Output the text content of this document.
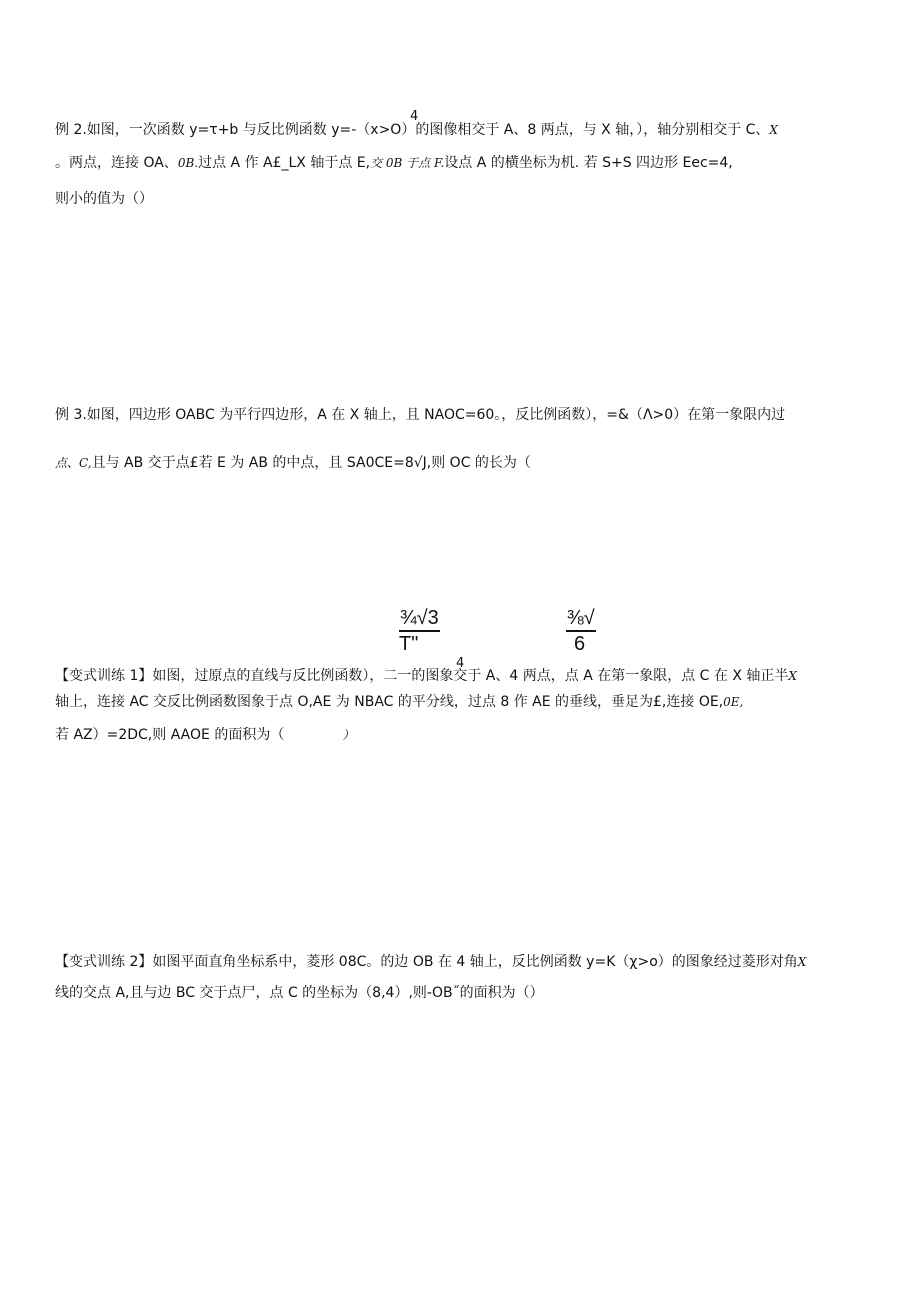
4
例 2.如图，一次函数 y=τ+b 与反比例函数 y=-（x>O）的图像相交于 A、8 两点，与 X 轴，），轴分别相交于 C、X
。两点，连接 OA、0B.过点 A 作 A£_LX 轴于点 E,交 0B 于点 F.设点 A 的横坐标为机. 若 S+S 四边形 Eec=4,
则小的值为（）
例 3.如图，四边形 OABC 为平行四边形，A 在 X 轴上，且 NAOC=60。，反比例函数），=&（Λ>0）在第一象限内过
点、C,且与 AB 交于点£若 E 为 AB 的中点，且 SA0CE=8√J,则 OC 的长为（
$\frac{\text{¾√3}}{T"}$	⅜√
6
4
【变式训练 1】如图，过原点的直线与反比例函数），二一的图象交于 A、4 两点，点 A 在第一象限，点 C 在 X 轴正半X
轴上，连接 AC 交反比例函数图象于点 O,AE 为 NBAC 的平分线，过点 8 作 AE 的垂线，垂足为£,连接 OE,0E,
若 AZ）=2DC,则 AAOE 的面积为（	）
【变式训练 2】如图平面直角坐标系中，菱形 08C。的边 OB 在 4 轴上，反比例函数 y=K（χ>o）的图象经过菱形对角X
线的交点 A,且与边 BC 交于点尸，点 C 的坐标为（8,4）,则-OB˝的面积为（）
